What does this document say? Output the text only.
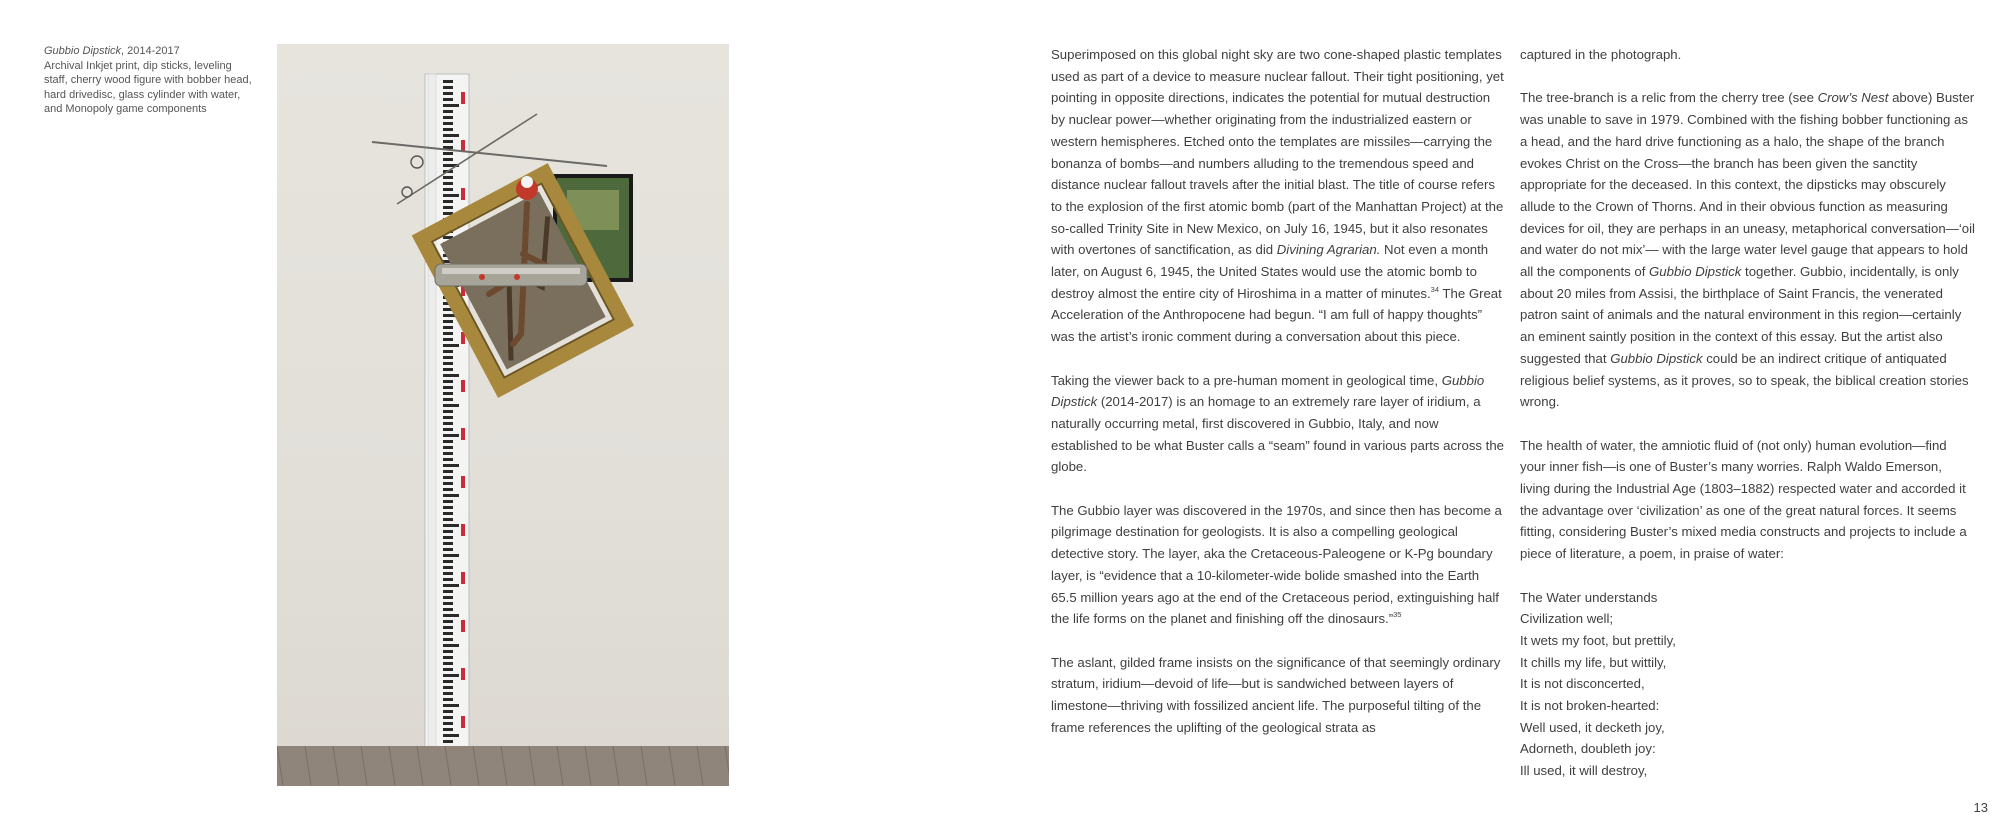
Gubbio Dipstick, 2014-2017
Archival Inkjet print, dip sticks, leveling staff, cherry wood figure with bobber head, hard drivedisc, glass cylinder with water, and Monopoly game components

Superimposed on this global night sky are two cone-shaped plastic templates used as part of a device to measure nuclear fallout. Their tight positioning, yet pointing in opposite directions, indicates the potential for mutual destruction by nuclear power—whether originating from the industrialized eastern or western hemispheres. Etched onto the templates are missiles—carrying the bonanza of bombs—and numbers alluding to the tremendous speed and distance nuclear fallout travels after the initial blast. The title of course refers to the explosion of the first atomic bomb (part of the Manhattan Project) at the so-called Trinity Site in New Mexico, on July 16, 1945, but it also resonates with overtones of sanctification, as did Divining Agrarian. Not even a month later, on August 6, 1945, the United States would use the atomic bomb to destroy almost the entire city of Hiroshima in a matter of minutes.$^{34}$ The Great Acceleration of the Anthropocene had begun. “I am full of happy thoughts” was the artist’s ironic comment during a conversation about this piece.

Taking the viewer back to a pre-human moment in geological time, Gubbio Dipstick (2014-2017) is an homage to an extremely rare layer of iridium, a naturally occurring metal, first discovered in Gubbio, Italy, and now established to be what Buster calls a “seam” found in various parts across the globe.

The Gubbio layer was discovered in the 1970s, and since then has become a pilgrimage destination for geologists. It is also a compelling geological detective story. The layer, aka the Cretaceous-Paleogene or K-Pg boundary layer, is “evidence that a 10-kilometer-wide bolide smashed into the Earth 65.5 million years ago at the end of the Cretaceous period, extinguishing half the life forms on the planet and finishing off the dinosaurs.”$^{35}$

The aslant, gilded frame insists on the significance of that seemingly ordinary stratum, iridium—devoid of life—but is sandwiched between layers of limestone—thriving with fossilized ancient life. The purposeful tilting of the frame references the uplifting of the geological strata as

captured in the photograph.

The tree-branch is a relic from the cherry tree (see Crow’s Nest above) Buster was unable to save in 1979. Combined with the fishing bobber functioning as a head, and the hard drive functioning as a halo, the shape of the branch evokes Christ on the Cross—the branch has been given the sanctity appropriate for the deceased. In this context, the dipsticks may obscurely allude to the Crown of Thorns. And in their obvious function as measuring devices for oil, they are perhaps in an uneasy, metaphorical conversation—‘oil and water do not mix’— with the large water level gauge that appears to hold all the components of Gubbio Dipstick together. Gubbio, incidentally, is only about 20 miles from Assisi, the birthplace of Saint Francis, the venerated patron saint of animals and the natural environment in this region—certainly an eminent saintly position in the context of this essay. But the artist also suggested that Gubbio Dipstick could be an indirect critique of antiquated religious belief systems, as it proves, so to speak, the biblical creation stories wrong.

The health of water, the amniotic fluid of (not only) human evolution—find your inner fish—is one of Buster’s many worries. Ralph Waldo Emerson, living during the Industrial Age (1803–1882) respected water and accorded it the advantage over ‘civilization’ as one of the great natural forces. It seems fitting, considering Buster’s mixed media constructs and projects to include a piece of literature, a poem, in praise of water:

The Water understands
Civilization well;
It wets my foot, but prettily,
It chills my life, but wittily,
It is not disconcerted,
It is not broken-hearted:
Well used, it decketh joy,
Adorneth, doubleth joy:
Ill used, it will destroy,
13
